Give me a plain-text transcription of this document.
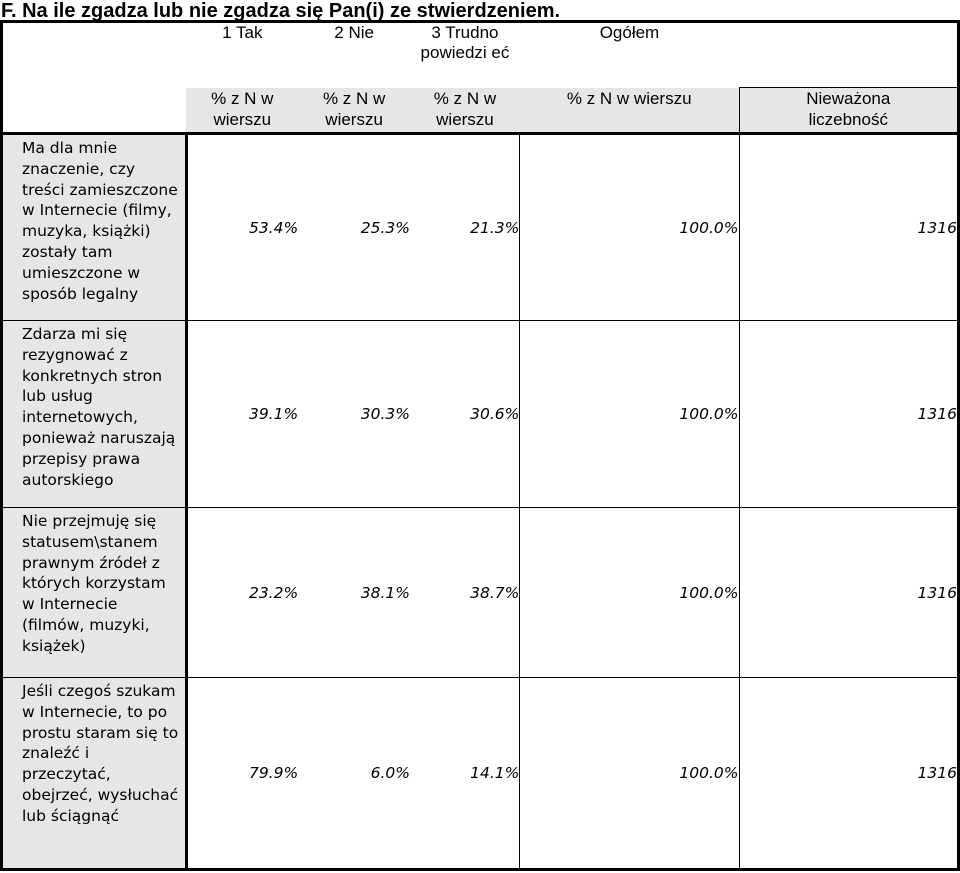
F. Na ile zgadza lub nie zgadza się Pan(i) ze stwierdzeniem.
	1 Tak	2 Nie	3 Trudno powiedzi eć	Ogółem	
	% z N w wierszu	% z N w wierszu	% z N w wierszu	% z N w wierszu	Nieważona liczebność
Ma dla mnie znaczenie, czy treści zamieszczone w Internecie (filmy, muzyka, książki) zostały tam umieszczone w sposób legalny	53.4%	25.3%	21.3%	100.0%	1316
Zdarza mi się rezygnować z konkretnych stron lub usług internetowych, ponieważ naruszają przepisy prawa autorskiego	39.1%	30.3%	30.6%	100.0%	1316
Nie przejmuję się statusem\stanem prawnym źródeł z których korzystam w Internecie (filmów, muzyki, książek)	23.2%	38.1%	38.7%	100.0%	1316
Jeśli czegoś szukam w Internecie, to po prostu staram się to znaleźć i przeczytać, obejrzeć, wysłuchać lub ściągnąć	79.9%	6.0%	14.1%	100.0%	1316
